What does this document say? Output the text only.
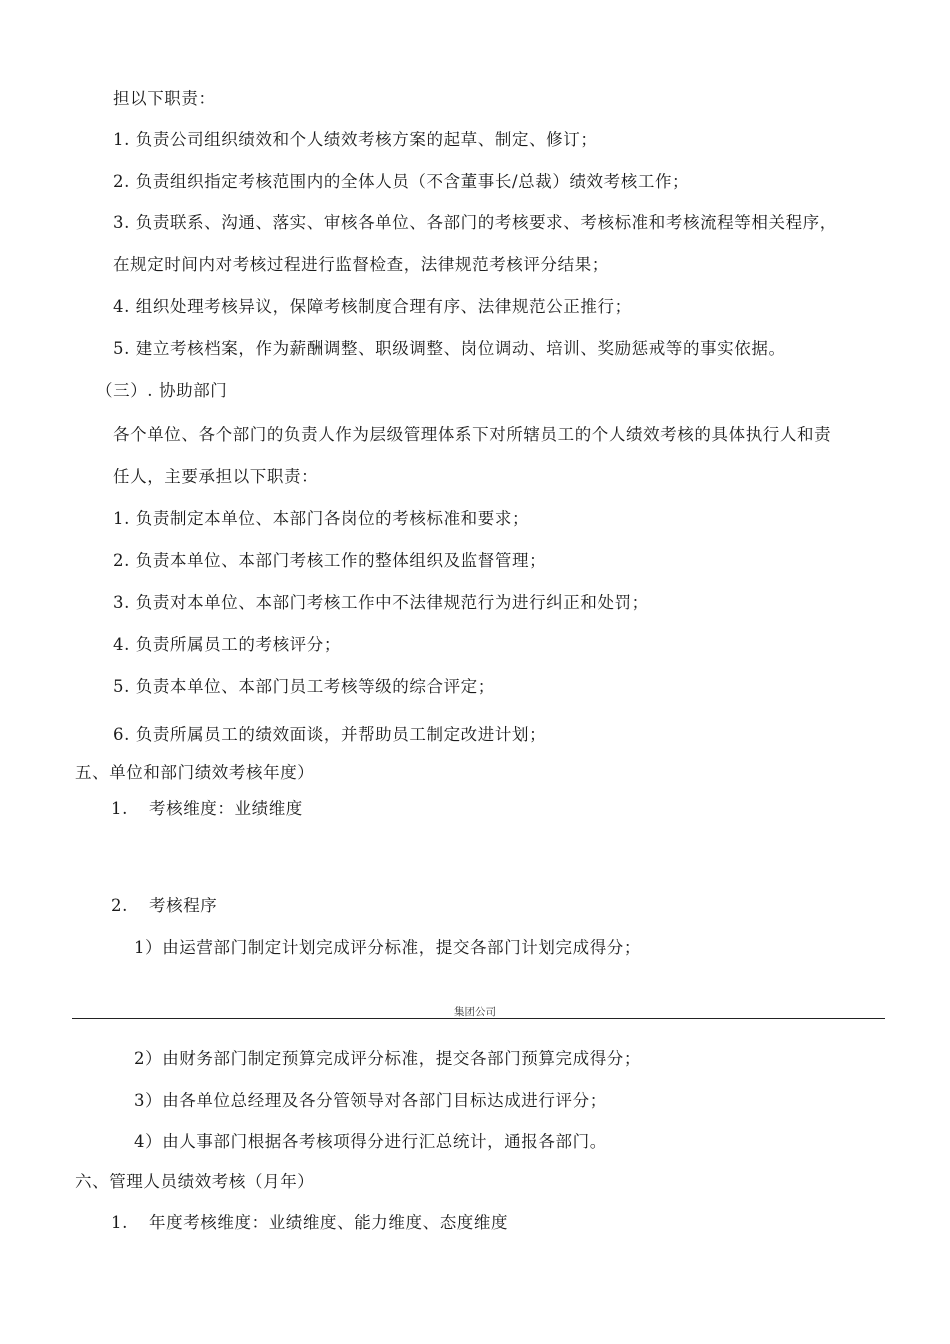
担以下职责：
1. 负责公司组织绩效和个人绩效考核方案的起草、制定、修订；
2. 负责组织指定考核范围内的全体人员（不含董事长/总裁）绩效考核工作；
3. 负责联系、沟通、落实、审核各单位、各部门的考核要求、考核标准和考核流程等相关程序，
在规定时间内对考核过程进行监督检查，法律规范考核评分结果；
4. 组织处理考核异议，保障考核制度合理有序、法律规范公正推行；
5. 建立考核档案，作为薪酬调整、职级调整、岗位调动、培训、奖励惩戒等的事实依据。
（三）. 协助部门
各个单位、各个部门的负责人作为层级管理体系下对所辖员工的个人绩效考核的具体执行人和责
任人，主要承担以下职责：
1. 负责制定本单位、本部门各岗位的考核标准和要求；
2. 负责本单位、本部门考核工作的整体组织及监督管理；
3. 负责对本单位、本部门考核工作中不法律规范行为进行纠正和处罚；
4. 负责所属员工的考核评分；
5. 负责本单位、本部门员工考核等级的综合评定；
6. 负责所属员工的绩效面谈，并帮助员工制定改进计划；
五、单位和部门绩效考核年度）
1. 考核维度：业绩维度
2. 考核程序
1）由运营部门制定计划完成评分标准，提交各部门计划完成得分；
集团公司
2）由财务部门制定预算完成评分标准，提交各部门预算完成得分；
3）由各单位总经理及各分管领导对各部门目标达成进行评分；
4）由人事部门根据各考核项得分进行汇总统计，通报各部门。
六、管理人员绩效考核（月年）
1. 年度考核维度：业绩维度、能力维度、态度维度
